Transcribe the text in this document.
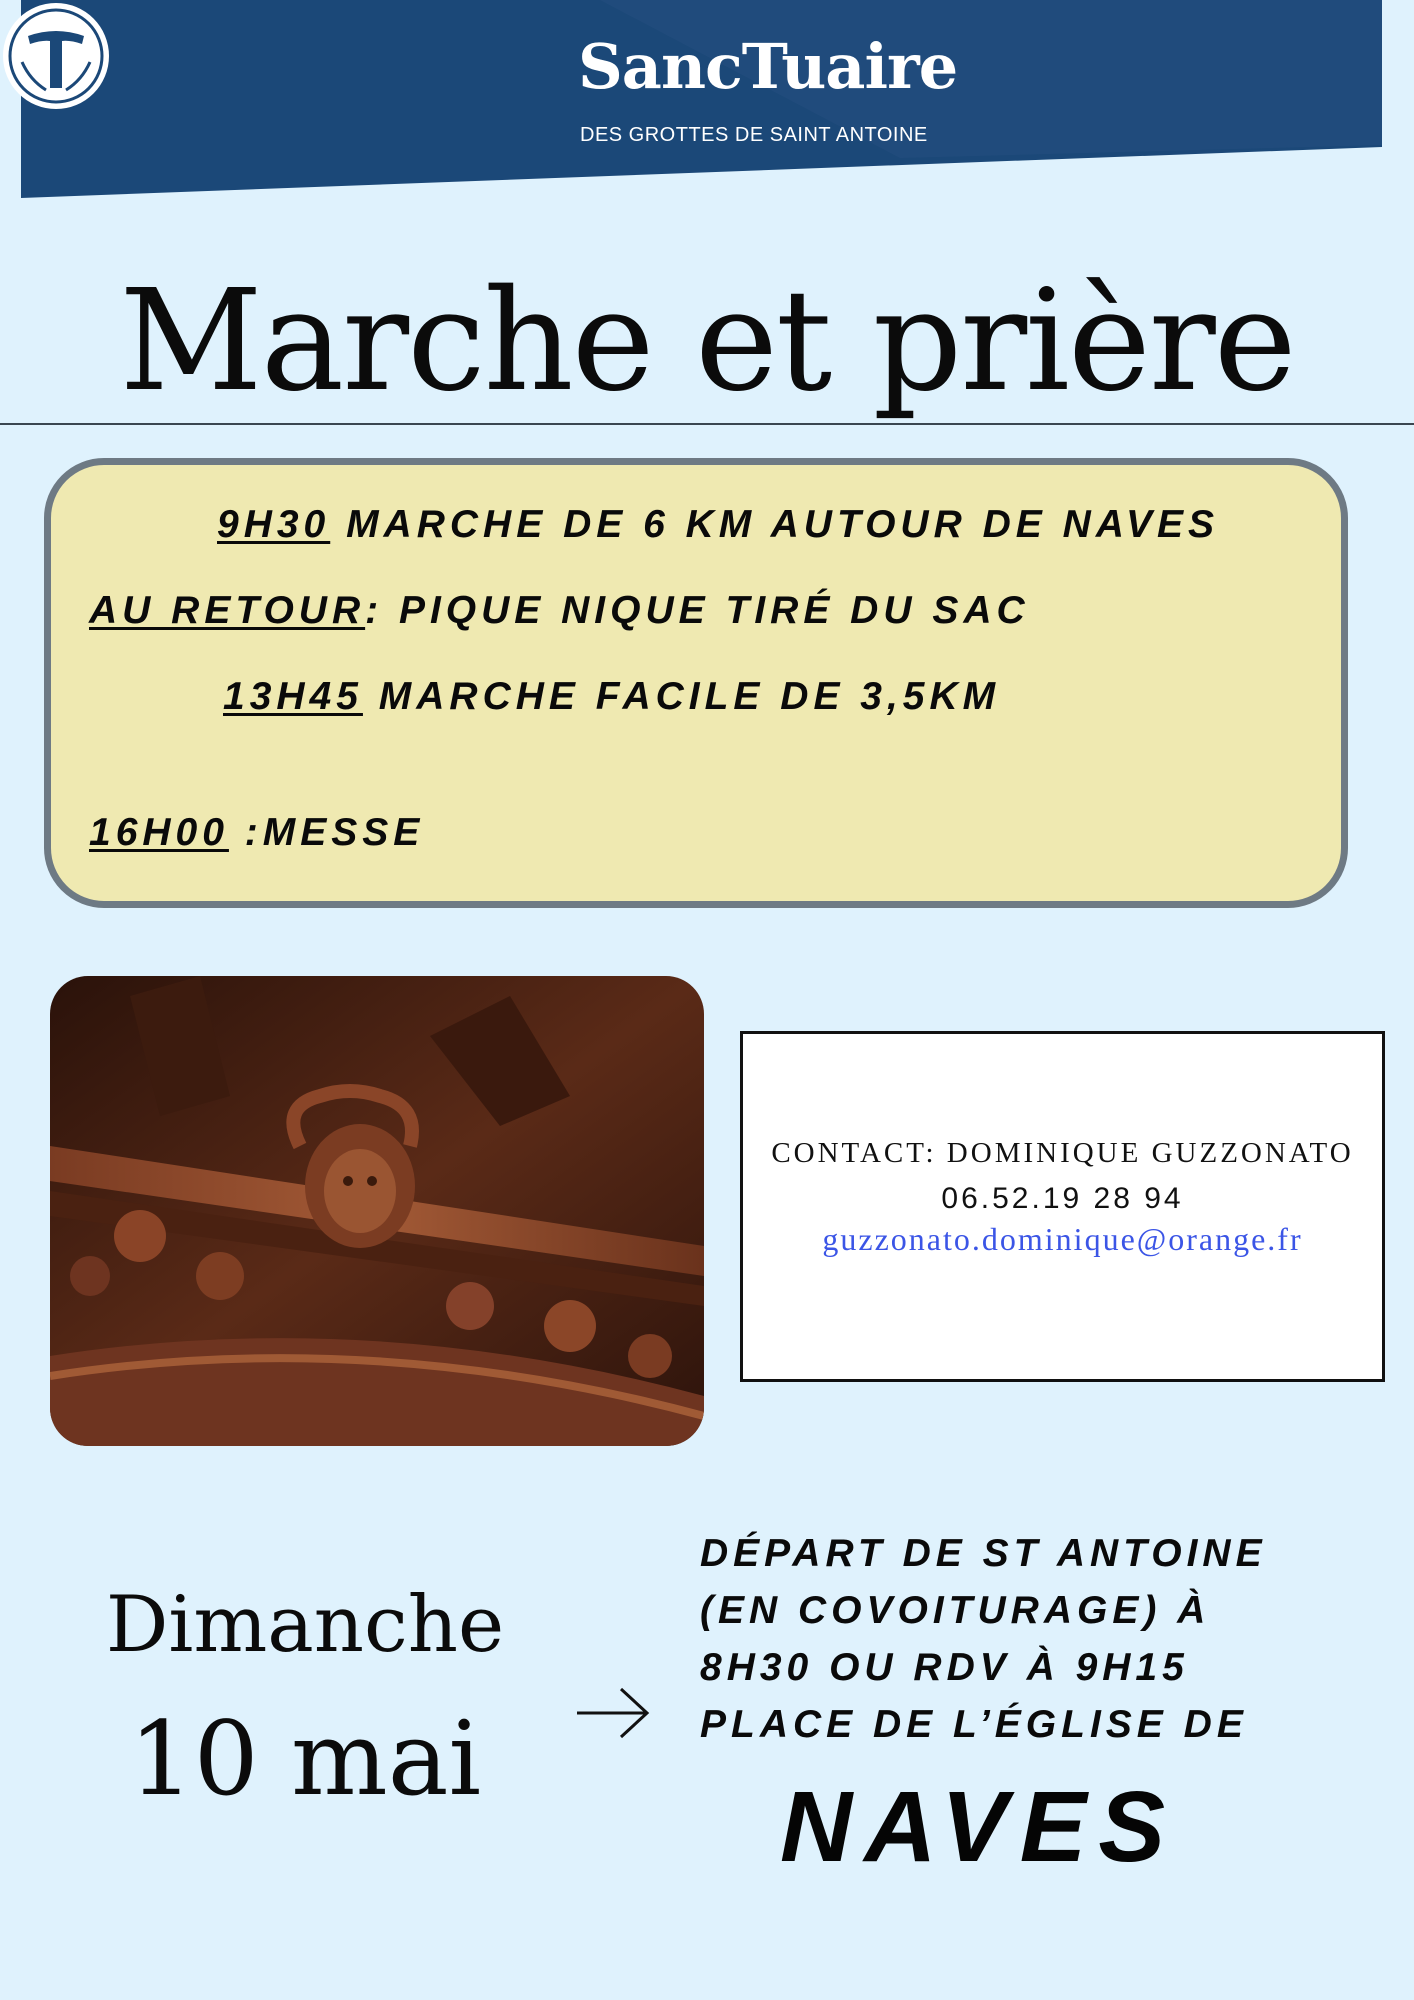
SancTuaire
DES GROTTES DE SAINT ANTOINE
Marche et prière
9H30 MARCHE DE 6 KM AUTOUR DE NAVES
AU RETOUR: PIQUE NIQUE TIRÉ DU SAC
13H45 MARCHE FACILE DE 3,5KM
16H00 :MESSE
CONTACT: DOMINIQUE GUZZONATO
06.52.19 28 94
guzzonato.dominique@orange.fr
Dimanche
10 mai
DÉPART DE ST ANTOINE
(EN COVOITURAGE) À
8H30 OU RDV À 9H15
PLACE DE L’ÉGLISE DE
NAVES
